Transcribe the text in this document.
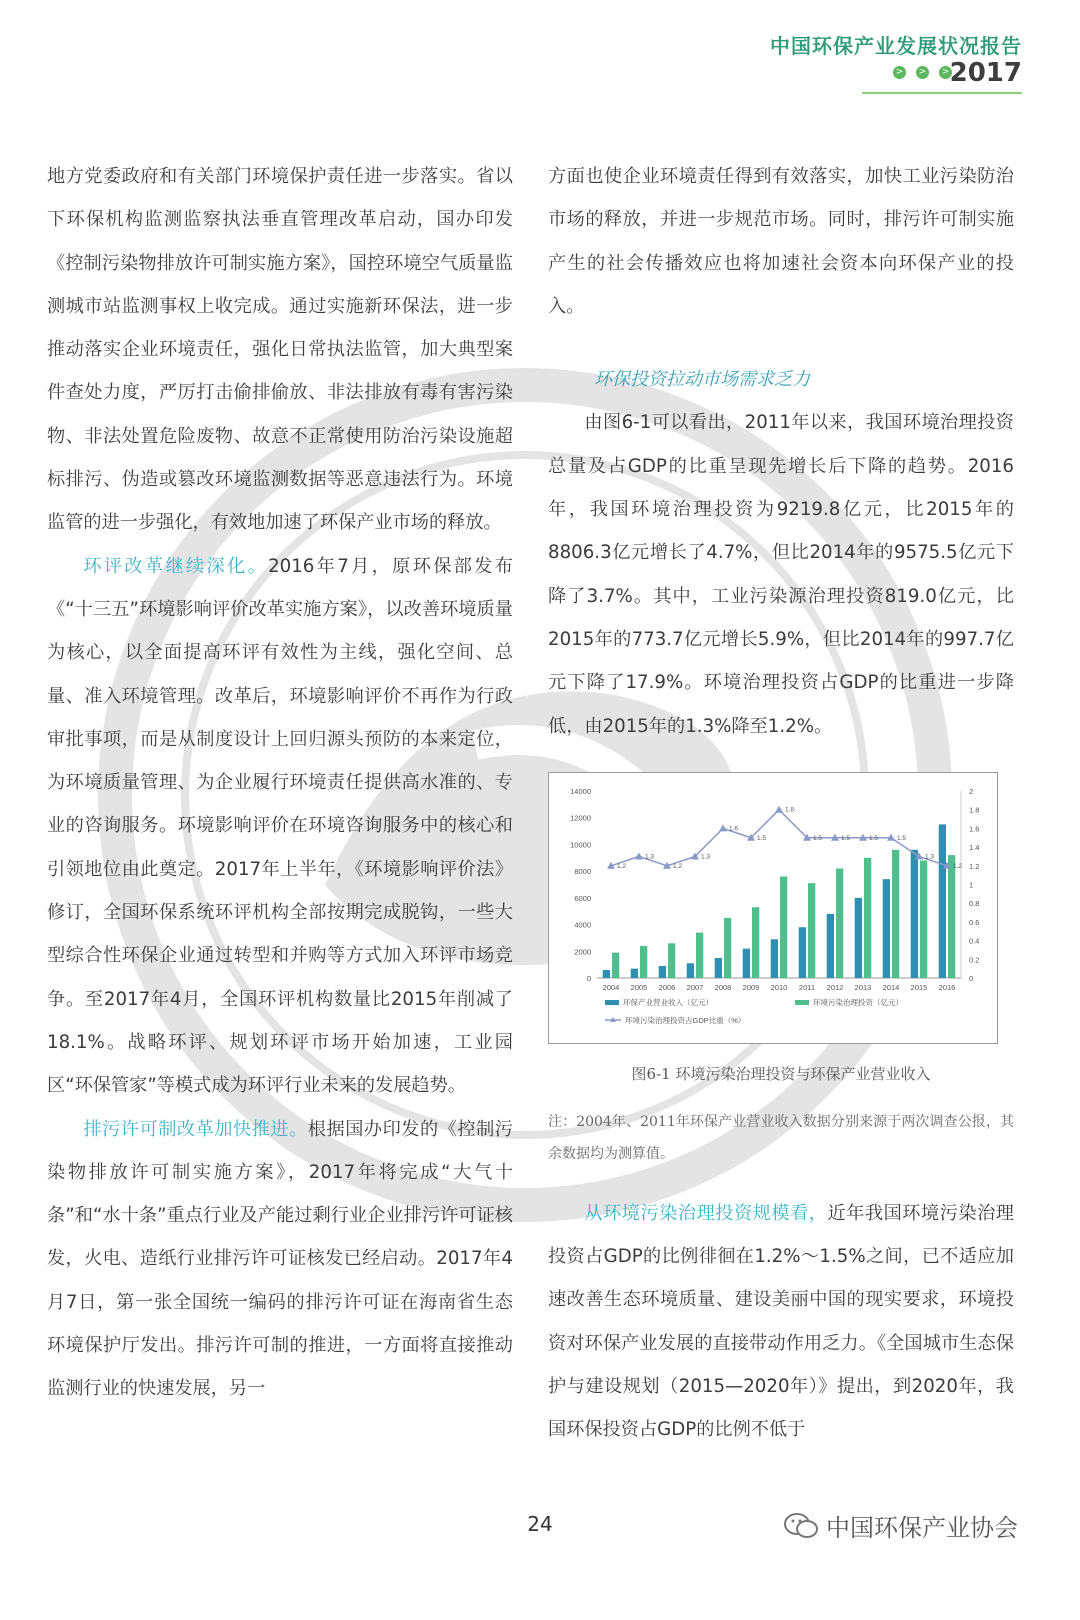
中国环保产业发展状况报告
>	>	> 2017

地方党委政府和有关部门环境保护责任进一步落实。省以下环保机构监测监察执法垂直管理改革启动，国办印发《控制污染物排放许可制实施方案》，国控环境空气质量监测城市站监测事权上收完成。通过实施新环保法，进一步推动落实企业环境责任，强化日常执法监管，加大典型案件查处力度，严厉打击偷排偷放、非法排放有毒有害污染物、非法处置危险废物、故意不正常使用防治污染设施超标排污、伪造或篡改环境监测数据等恶意违法行为。环境监管的进一步强化，有效地加速了环保产业市场的释放。

环评改革继续深化。2016年7月，原环保部发布《“十三五”环境影响评价改革实施方案》，以改善环境质量为核心，以全面提高环评有效性为主线，强化空间、总量、准入环境管理。改革后，环境影响评价不再作为行政审批事项，而是从制度设计上回归源头预防的本来定位，为环境质量管理、为企业履行环境责任提供高水准的、专业的咨询服务。环境影响评价在环境咨询服务中的核心和引领地位由此奠定。2017年上半年，《环境影响评价法》修订，全国环保系统环评机构全部按期完成脱钩，一些大型综合性环保企业通过转型和并购等方式加入环评市场竞争。至2017年4月，全国环评机构数量比2015年削减了18.1%。战略环评、规划环评市场开始加速，工业园区“环保管家”等模式成为环评行业未来的发展趋势。

排污许可制改革加快推进。根据国办印发的《控制污染物排放许可制实施方案》，2017年将完成“大气十条”和“水十条”重点行业及产能过剩行业企业排污许可证核发，火电、造纸行业排污许可证核发已经启动。2017年4月7日，第一张全国统一编码的排污许可证在海南省生态环境保护厅发出。排污许可制的推进，一方面将直接推动监测行业的快速发展，另一

方面也使企业环境责任得到有效落实，加快工业污染防治市场的释放，并进一步规范市场。同时，排污许可制实施产生的社会传播效应也将加速社会资本向环保产业的投入。

环保投资拉动市场需求乏力

由图6-1可以看出，2011年以来，我国环境治理投资总量及占GDP的比重呈现先增长后下降的趋势。2016年，我国环境治理投资为9219.8亿元，比2015年的8806.3亿元增长了4.7%，但比2014年的9575.5亿元下降了3.7%。其中，工业污染源治理投资819.0亿元，比2015年的773.7亿元增长5.9%，但比2014年的997.7亿元下降了17.9%。环境治理投资占GDP的比重进一步降低，由2015年的1.3%降至1.2%。

0
2000
4000
6000
8000
10000
12000
14000
0
0.2
0.4
0.6
0.8
1
1.2
1.4
1.6
1.8
2
2004 2005 2006 2007 2008 2009 2010 2011 2012 2013 2014 2015 2016
1.2
1.3
1.2
1.3
1.6
1.5
1.8
1.5	1.5	1.5	1.5
1.3
1.2
环保产业营业收入（亿元）	环境污染治理投资（亿元）
环境污染治理投资占GDP比重（%）
图6-1 环境污染治理投资与环保产业营业收入
注：2004年、2011年环保产业营业收入数据分别来源于两次调查公报，其余数据均为测算值。

从环境污染治理投资规模看，近年我国环境污染治理投资占GDP的比例徘徊在1.2%～1.5%之间，已不适应加速改善生态环境质量、建设美丽中国的现实要求，环境投资对环保产业发展的直接带动作用乏力。《全国城市生态保护与建设规划（2015—2020年）》提出，到2020年，我国环保投资占GDP的比例不低于

24	中国环保产业协会
